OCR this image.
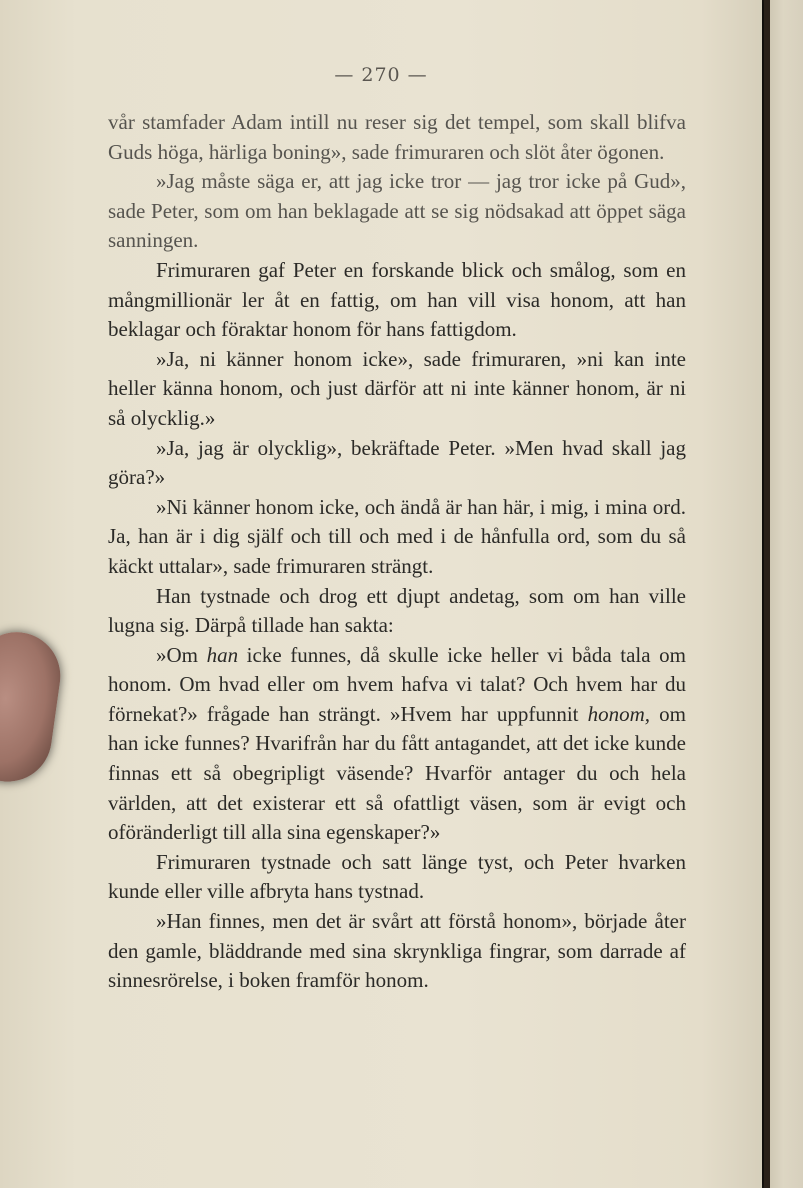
— 270 —

vår stamfader Adam intill nu reser sig det tempel, som skall blifva Guds höga, härliga boning», sade frimuraren och slöt åter ögonen.

»Jag måste säga er, att jag icke tror — jag tror icke på Gud», sade Peter, som om han beklagade att se sig nödsakad att öppet säga sanningen.

Frimuraren gaf Peter en forskande blick och smålog, som en mångmillionär ler åt en fattig, om han vill visa honom, att han beklagar och föraktar honom för hans fattigdom.

»Ja, ni känner honom icke», sade frimuraren, »ni kan inte heller känna honom, och just därför att ni inte känner honom, är ni så olycklig.»

»Ja, jag är olycklig», bekräftade Peter. »Men hvad skall jag göra?»

»Ni känner honom icke, och ändå är han här, i mig, i mina ord. Ja, han är i dig själf och till och med i de hånfulla ord, som du så käckt uttalar», sade frimuraren strängt.

Han tystnade och drog ett djupt andetag, som om han ville lugna sig. Därpå tillade han sakta:

»Om han icke funnes, då skulle icke heller vi båda tala om honom. Om hvad eller om hvem hafva vi talat? Och hvem har du förnekat?» frågade han strängt. »Hvem har uppfunnit honom, om han icke funnes? Hvarifrån har du fått antagandet, att det icke kunde finnas ett så obegripligt väsende? Hvarför antager du och hela världen, att det existerar ett så ofattligt väsen, som är evigt och oföränderligt till alla sina egenskaper?»

Frimuraren tystnade och satt länge tyst, och Peter hvarken kunde eller ville afbryta hans tystnad.

»Han finnes, men det är svårt att förstå honom», började åter den gamle, bläddrande med sina skrynkliga fingrar, som darrade af sinnesrörelse, i boken framför honom.
